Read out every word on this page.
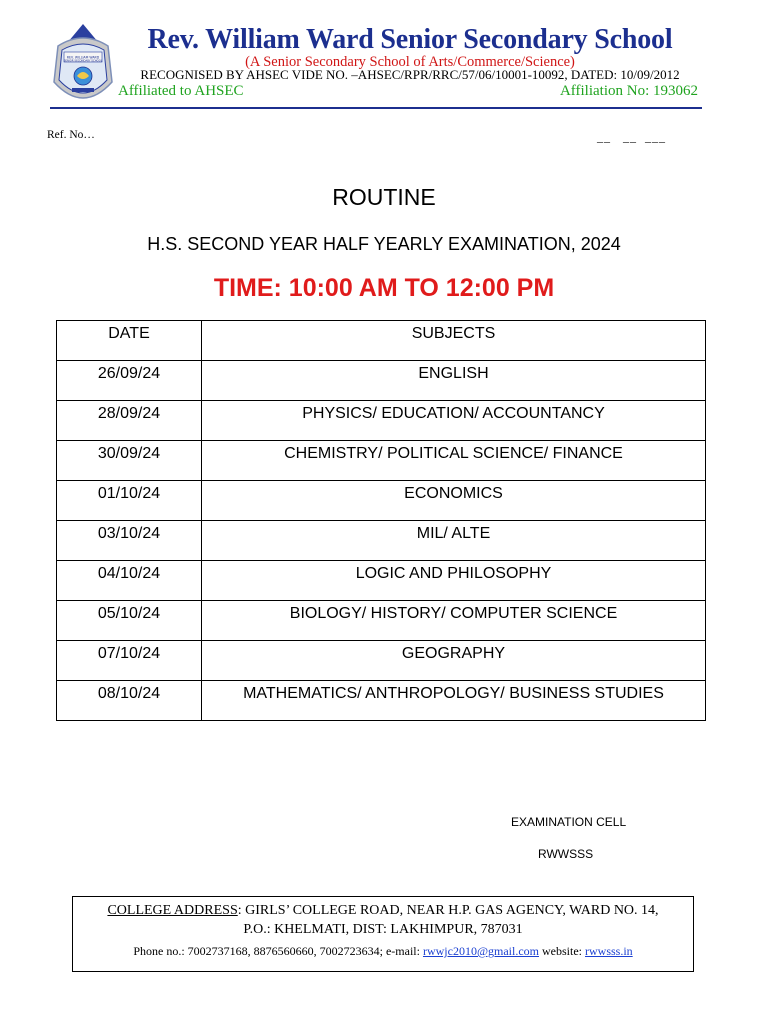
REV. WILLIAM WARD
SENIOR SECONDARY SCHOOL
Rev. William Ward Senior Secondary School
(A Senior Secondary School of Arts/Commerce/Science)
RECOGNISED BY AHSEC VIDE NO. –AHSEC/RPR/RRC/57/06/10001-10092, DATED: 10/09/2012
Affiliated to AHSEC	Affiliation No: 193062
Ref. No…	__   __  ___
ROUTINE
H.S. SECOND YEAR HALF YEARLY EXAMINATION, 2024
TIME: 10:00 AM TO 12:00 PM
DATE	SUBJECTS
26/09/24	ENGLISH
28/09/24	PHYSICS/ EDUCATION/ ACCOUNTANCY
30/09/24	CHEMISTRY/ POLITICAL SCIENCE/ FINANCE
01/10/24	ECONOMICS
03/10/24	MIL/ ALTE
04/10/24	LOGIC AND PHILOSOPHY
05/10/24	BIOLOGY/ HISTORY/ COMPUTER SCIENCE
07/10/24	GEOGRAPHY
08/10/24	MATHEMATICS/ ANTHROPOLOGY/ BUSINESS STUDIES
EXAMINATION CELL
RWWSSS
COLLEGE ADDRESS: GIRLS’ COLLEGE ROAD, NEAR H.P. GAS AGENCY, WARD NO. 14,
P.O.: KHELMATI, DIST: LAKHIMPUR, 787031
Phone no.: 7002737168, 8876560660, 7002723634; e-mail: rwwjc2010@gmail.com website: rwwsss.in
